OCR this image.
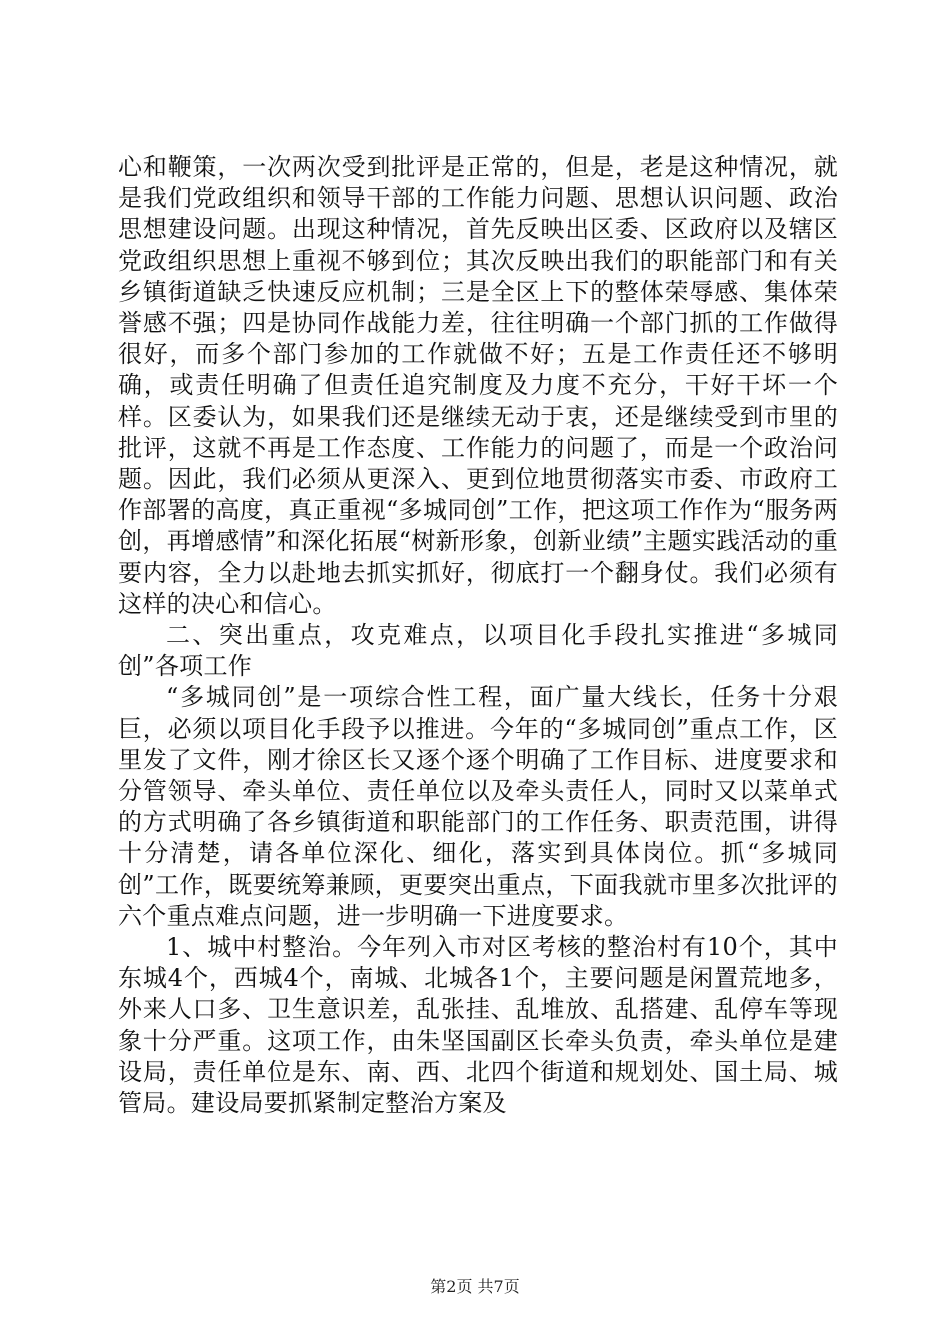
心和鞭策，一次两次受到批评是正常的，但是，老是这种情况，就是我们党政组织和领导干部的工作能力问题、思想认识问题、政治思想建设问题。出现这种情况，首先反映出区委、区政府以及辖区党政组织思想上重视不够到位；其次反映出我们的职能部门和有关乡镇街道缺乏快速反应机制；三是全区上下的整体荣辱感、集体荣誉感不强；四是协同作战能力差，往往明确一个部门抓的工作做得很好，而多个部门参加的工作就做不好；五是工作责任还不够明确，或责任明确了但责任追究制度及力度不充分，干好干坏一个样。区委认为，如果我们还是继续无动于衷，还是继续受到市里的批评，这就不再是工作态度、工作能力的问题了，而是一个政治问题。因此，我们必须从更深入、更到位地贯彻落实市委、市政府工作部署的高度，真正重视“多城同创”工作，把这项工作作为“服务两创，再增感情”和深化拓展“树新形象，创新业绩”主题实践活动的重要内容，全力以赴地去抓实抓好，彻底打一个翻身仗。我们必须有这样的决心和信心。

二、突出重点，攻克难点，以项目化手段扎实推进“多城同创”各项工作

“多城同创”是一项综合性工程，面广量大线长，任务十分艰巨，必须以项目化手段予以推进。今年的“多城同创”重点工作，区里发了文件，刚才徐区长又逐个逐个明确了工作目标、进度要求和分管领导、牵头单位、责任单位以及牵头责任人，同时又以菜单式的方式明确了各乡镇街道和职能部门的工作任务、职责范围，讲得十分清楚，请各单位深化、细化，落实到具体岗位。抓“多城同创”工作，既要统筹兼顾，更要突出重点，下面我就市里多次批评的六个重点难点问题，进一步明确一下进度要求。

1、城中村整治。今年列入市对区考核的整治村有10个，其中东城4个，西城4个，南城、北城各1个，主要问题是闲置荒地多，外来人口多、卫生意识差，乱张挂、乱堆放、乱搭建、乱停车等现象十分严重。这项工作，由朱坚国副区长牵头负责，牵头单位是建设局，责任单位是东、南、西、北四个街道和规划处、国土局、城管局。建设局要抓紧制定整治方案及

第2页 共7页
